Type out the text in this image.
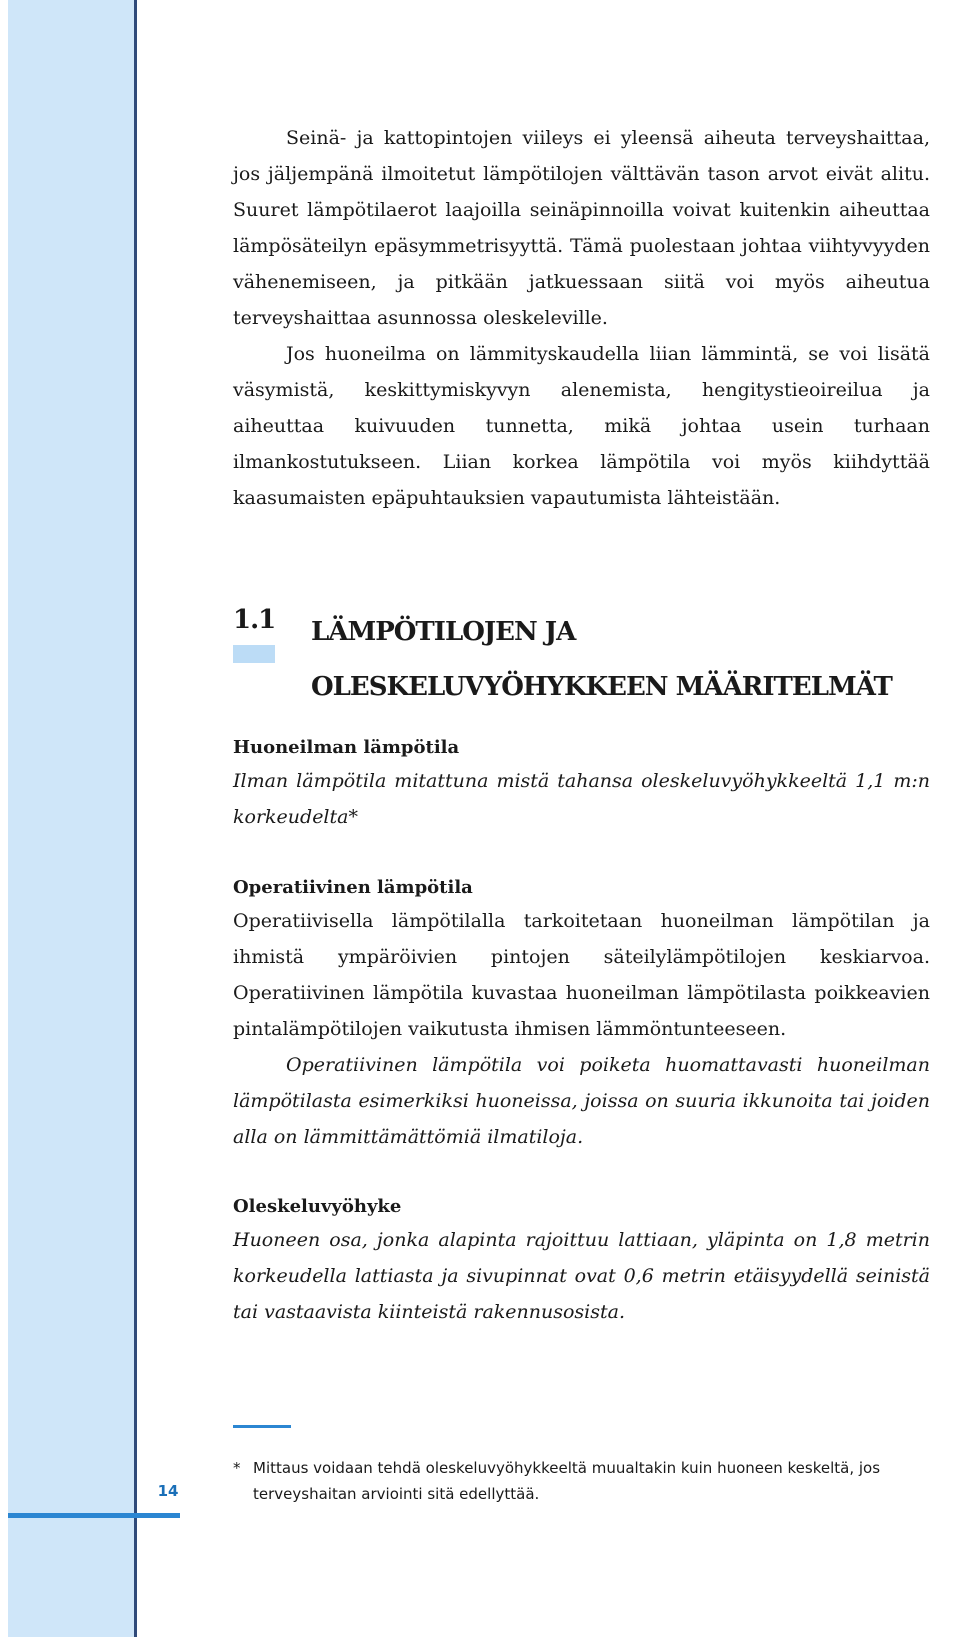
14

Seinä- ja kattopintojen viileys ei yleensä aiheuta terveyshaittaa, jos jäljempänä ilmoitetut lämpötilojen välttävän tason arvot eivät alitu. Suuret lämpötilaerot laajoilla seinäpinnoilla voivat kuitenkin aiheuttaa lämpösäteilyn epäsymmetrisyyttä. Tämä puolestaan johtaa viihtyvyyden vähenemiseen, ja pitkään jatkuessaan siitä voi myös aiheutua terveyshaittaa asunnossa oleskeleville.

Jos huoneilma on lämmityskaudella liian lämmintä, se voi lisätä väsymistä, keskittymiskyvyn alenemista, hengitystieoireilua ja aiheuttaa kuivuuden tunnetta, mikä johtaa usein turhaan ilmankostutukseen. Liian korkea lämpötila voi myös kiihdyttää kaasumaisten epäpuhtauksien vapautumista lähteistään.

1.1 LÄMPÖTILOJEN JA
OLESKELUVYÖHYKKEEN MÄÄRITELMÄT
Huoneilman lämpötila

Ilman lämpötila mitattuna mistä tahansa oleskeluvyöhykkeeltä 1,1 m:n korkeudelta*

Operatiivinen lämpötila

Operatiivisella lämpötilalla tarkoitetaan huoneilman lämpötilan ja ihmistä ympäröivien pintojen säteilylämpötilojen keskiarvoa. Operatiivinen lämpötila kuvastaa huoneilman lämpötilasta poikkeavien pintalämpötilojen vaikutusta ihmisen lämmöntunteeseen.

Operatiivinen lämpötila voi poiketa huomattavasti huoneilman lämpötilasta esimerkiksi huoneissa, joissa on suuria ikkunoita tai joiden alla on lämmittämättömiä ilmatiloja.

Oleskeluvyöhyke

Huoneen osa, jonka alapinta rajoittuu lattiaan, yläpinta on 1,8 metrin korkeudella lattiasta ja sivupinnat ovat 0,6 metrin etäisyydellä seinistä tai vastaavista kiinteistä rakennusosista.

* Mittaus voidaan tehdä oleskeluvyöhykkeeltä muualtakin kuin huoneen keskeltä, jos terveyshaitan arviointi sitä edellyttää.
